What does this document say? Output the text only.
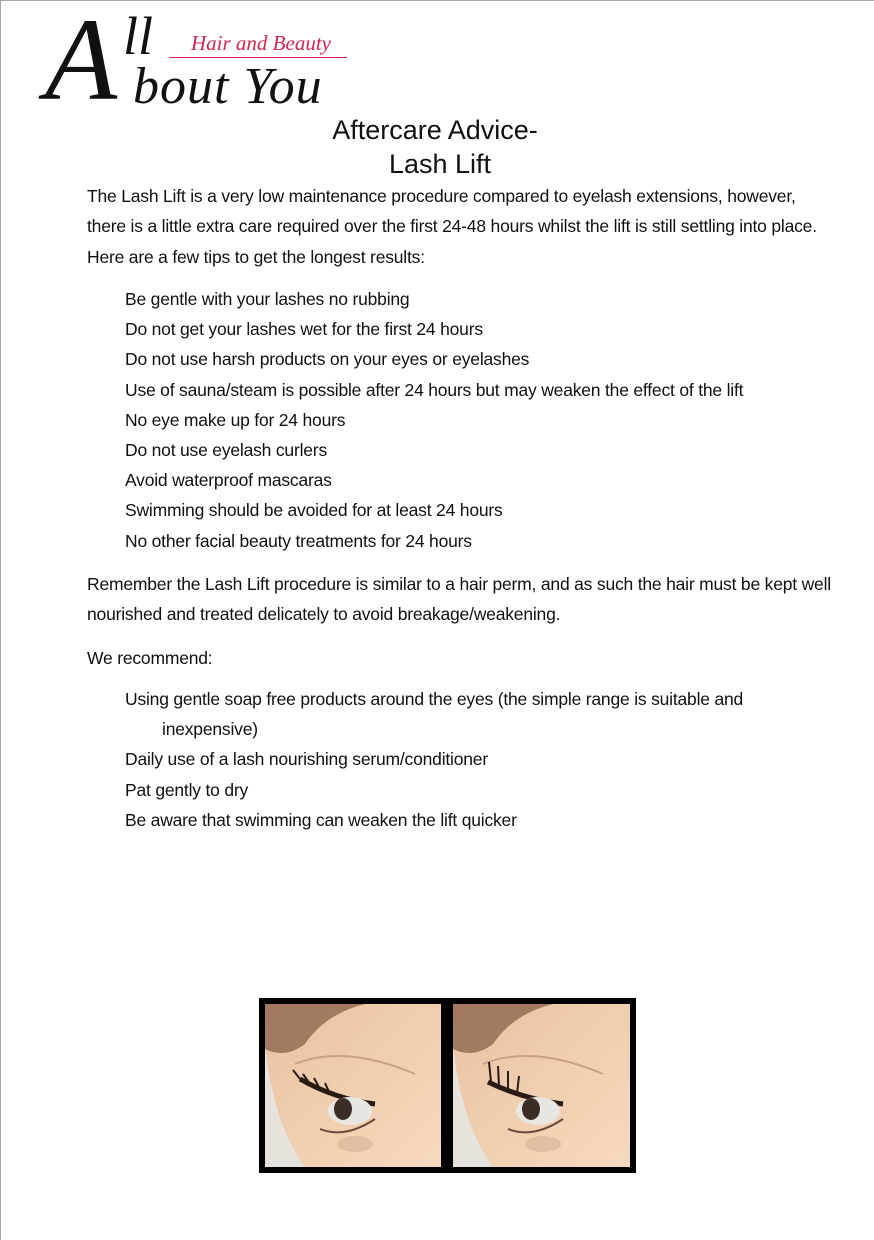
A ll Hair and Beauty
bout You
Aftercare Advice-
Lash Lift

The Lash Lift is a very low maintenance procedure compared to eyelash extensions, however, there is a little extra care required over the first 24-48 hours whilst the lift is still settling into place. Here are a few tips to get the longest results:

Be gentle with your lashes no rubbing
Do not get your lashes wet for the first 24 hours
Do not use harsh products on your eyes or eyelashes
Use of sauna/steam is possible after 24 hours but may weaken the effect of the lift
No eye make up for 24 hours
Do not use eyelash curlers
Avoid waterproof mascaras
Swimming should be avoided for at least 24 hours
No other facial beauty treatments for 24 hours

Remember the Lash Lift procedure is similar to a hair perm, and as such the hair must be kept well nourished and treated delicately to avoid breakage/weakening.

We recommend:

Using gentle soap free products around the eyes (the simple range is suitable and
inexpensive)
Daily use of a lash nourishing serum/conditioner
Pat gently to dry
Be aware that swimming can weaken the lift quicker
